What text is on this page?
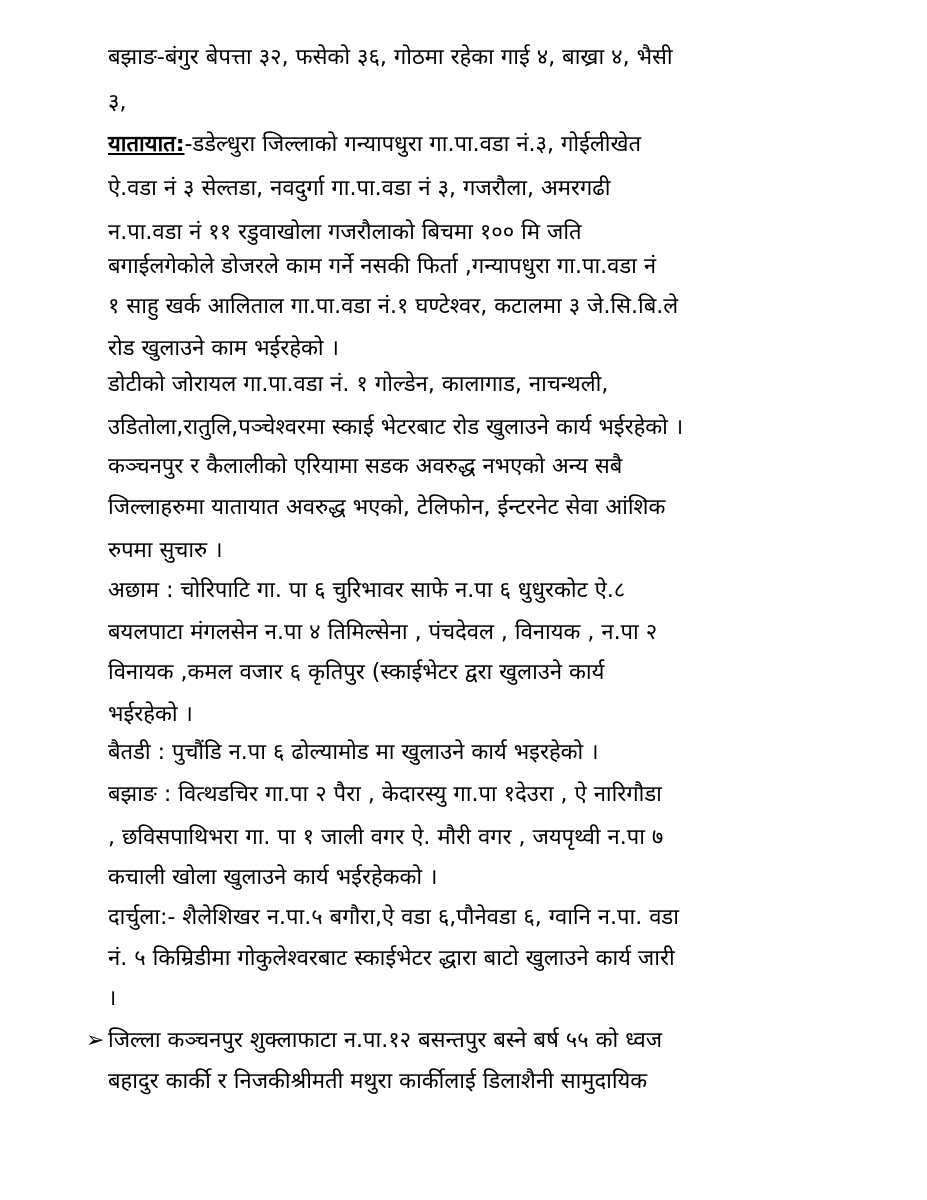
बझाङ-बंगुर बेपत्ता ३२, फसेको ३६, गोठमा रहेका गाई ४, बाख्रा ४, भैसी
३,
यातायात:-डडेल्धुरा जिल्लाको गन्यापधुरा गा.पा.वडा नं.३, गोईलीखेत
ऐ.वडा नं ३ सेल्तडा, नवदुर्गा गा.पा.वडा नं ३, गजरौला, अमरगढी
न.पा.वडा नं ११ रडुवाखोला गजरौलाको बिचमा १०० मि जति
बगाईलगेकोले डोजरले काम गर्ने नसकी फिर्ता ,गन्यापधुरा गा.पा.वडा नं
१ साहु खर्क आलिताल गा.पा.वडा नं.१ घण्टेश्वर, कटालमा ३ जे.सि.बि.ले
रोड खुलाउने काम भईरहेको ।
डोटीको जोरायल गा.पा.वडा नं. १ गोल्डेन, कालागाड, नाचन्थली,
उडितोला,रातुलि,पञ्चेश्वरमा स्काई भेटरबाट रोड खुलाउने कार्य भईरहेको ।
कञ्चनपुर र कैलालीको एरियामा सडक अवरुद्ध नभएको अन्य सबै
जिल्लाहरुमा यातायात अवरुद्ध भएको, टेलिफोन, ईन्टरनेट सेवा आंशिक
रुपमा सुचारु ।
अछाम : चोरिपाटि गा. पा ६ चुरिभावर साफे न.पा ६ धुधुरकोट ऐ.८
बयलपाटा मंगलसेन न.पा ४ तिमिल्सेना , पंचदेवल , विनायक , न.पा २
विनायक ,कमल वजार ६ कृतिपुर (स्काईभेटर द्वरा खुलाउने कार्य
भईरहेको ।
बैतडी : पुचौंडि न.पा ६ ढोल्यामोड मा खुलाउने कार्य भइरहेको ।
बझाङ : वित्थडचिर गा.पा २ पैरा , केदारस्यु गा.पा १देउरा , ऐ नारिगौडा
, छविसपाथिभरा गा. पा १ जाली वगर ऐ. मौरी वगर , जयपृथ्वी न.पा ७
कचाली खोला खुलाउने कार्य भईरहेकको ।
दार्चुला:- शैलेशिखर न.पा.५ बगौरा,ऐ वडा ६,पौनेवडा ६, ग्वानि न.पा. वडा
नं. ५ किम्रिडीमा गोकुलेश्वरबाट स्काईभेटर द्धारा बाटो खुलाउने कार्य जारी
।
➢ जिल्ला कञ्चनपुर शुक्लाफाटा न.पा.१२ बसन्तपुर बस्ने बर्ष ५५ को ध्वज
बहादुर कार्की र निजकीश्रीमती मथुरा कार्कीलाई डिलाशैनी सामुदायिक
